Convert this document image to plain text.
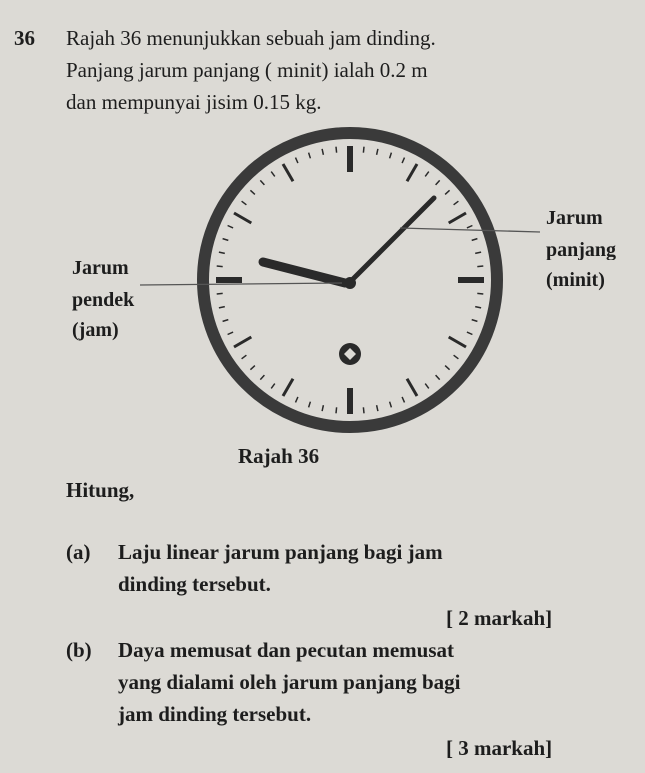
36 Rajah 36 menunjukkan sebuah jam dinding.
Panjang jarum panjang ( minit) ialah 0.2 m
dan mempunyai jisim 0.15 kg.
Jarum
panjang
(minit)
Jarum
pendek
(jam)
Rajah 36
Hitung,
(a) Laju linear jarum panjang bagi jam
dinding tersebut.
[ 2 markah]
(b) Daya memusat dan pecutan memusat
yang dialami oleh jarum panjang bagi
jam dinding tersebut.
[ 3 markah]
